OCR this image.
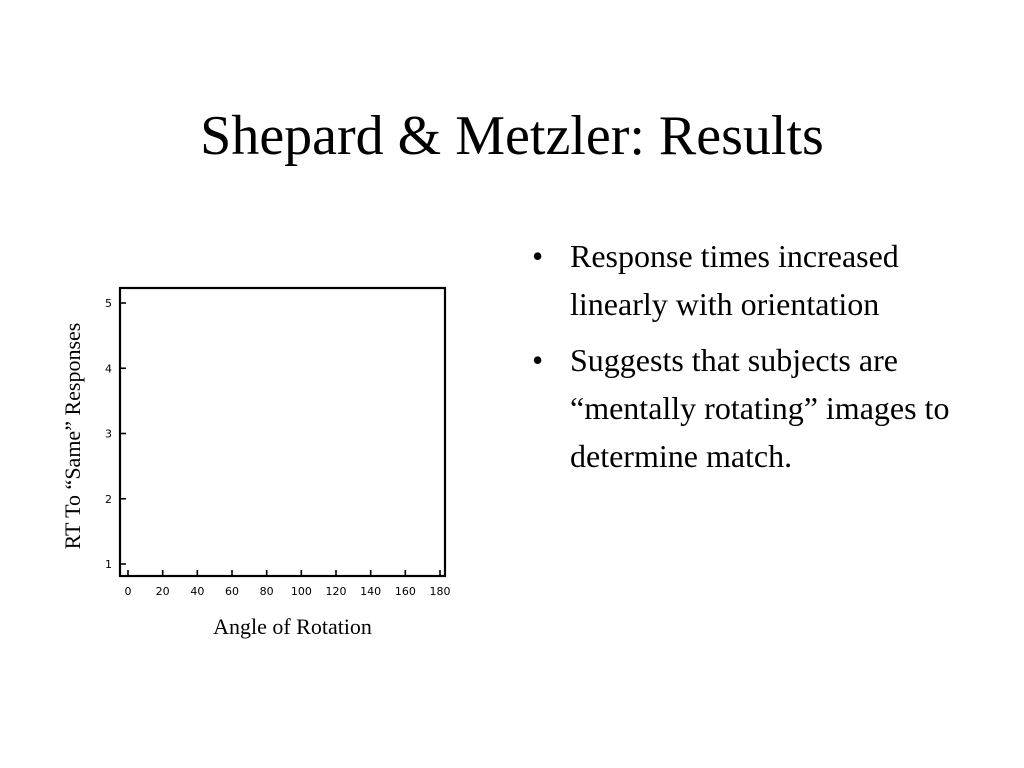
Shepard & Metzler: Results
0 20 40 60 80 100 120 140 160 180
1
2
3
4
5
Angle of Rotation
RT To “Same” Responses
• Response times increased linearly with orientation
• Suggests that subjects are “mentally rotating” images to determine match.
